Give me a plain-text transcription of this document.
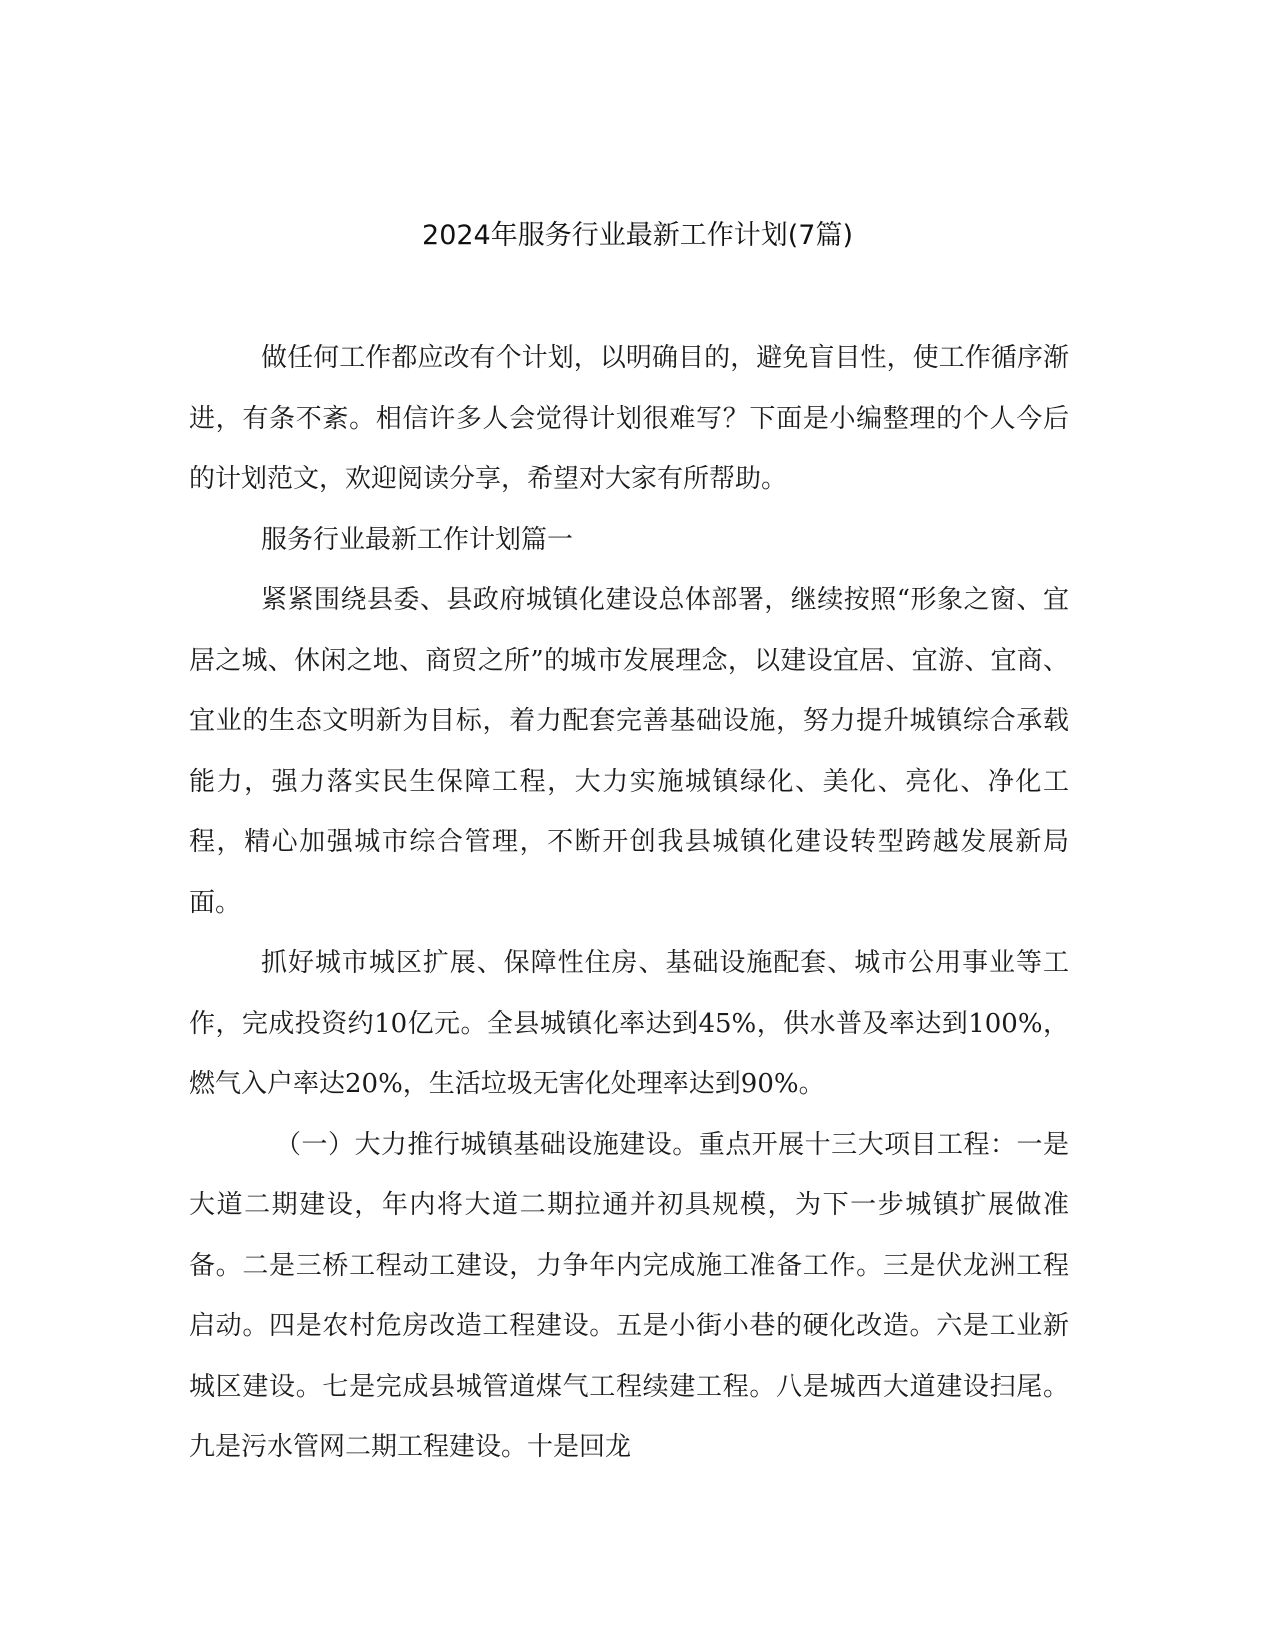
2024年服务行业最新工作计划(7篇)

做任何工作都应改有个计划，以明确目的，避免盲目性，使工作循序渐进，有条不紊。相信许多人会觉得计划很难写？下面是小编整理的个人今后的计划范文，欢迎阅读分享，希望对大家有所帮助。

服务行业最新工作计划篇一

紧紧围绕县委、县政府城镇化建设总体部署，继续按照“形象之窗、宜居之城、休闲之地、商贸之所”的城市发展理念，以建设宜居、宜游、宜商、宜业的生态文明新为目标，着力配套完善基础设施，努力提升城镇综合承载能力，强力落实民生保障工程，大力实施城镇绿化、美化、亮化、净化工程，精心加强城市综合管理，不断开创我县城镇化建设转型跨越发展新局面。

抓好城市城区扩展、保障性住房、基础设施配套、城市公用事业等工作，完成投资约10亿元。全县城镇化率达到45%，供水普及率达到100%，燃气入户率达20%，生活垃圾无害化处理率达到90%。

（一）大力推行城镇基础设施建设。重点开展十三大项目工程：一是大道二期建设，年内将大道二期拉通并初具规模，为下一步城镇扩展做准备。二是三桥工程动工建设，力争年内完成施工准备工作。三是伏龙洲工程启动。四是农村危房改造工程建设。五是小街小巷的硬化改造。六是工业新城区建设。七是完成县城管道煤气工程续建工程。八是城西大道建设扫尾。九是污水管网二期工程建设。十是回龙
